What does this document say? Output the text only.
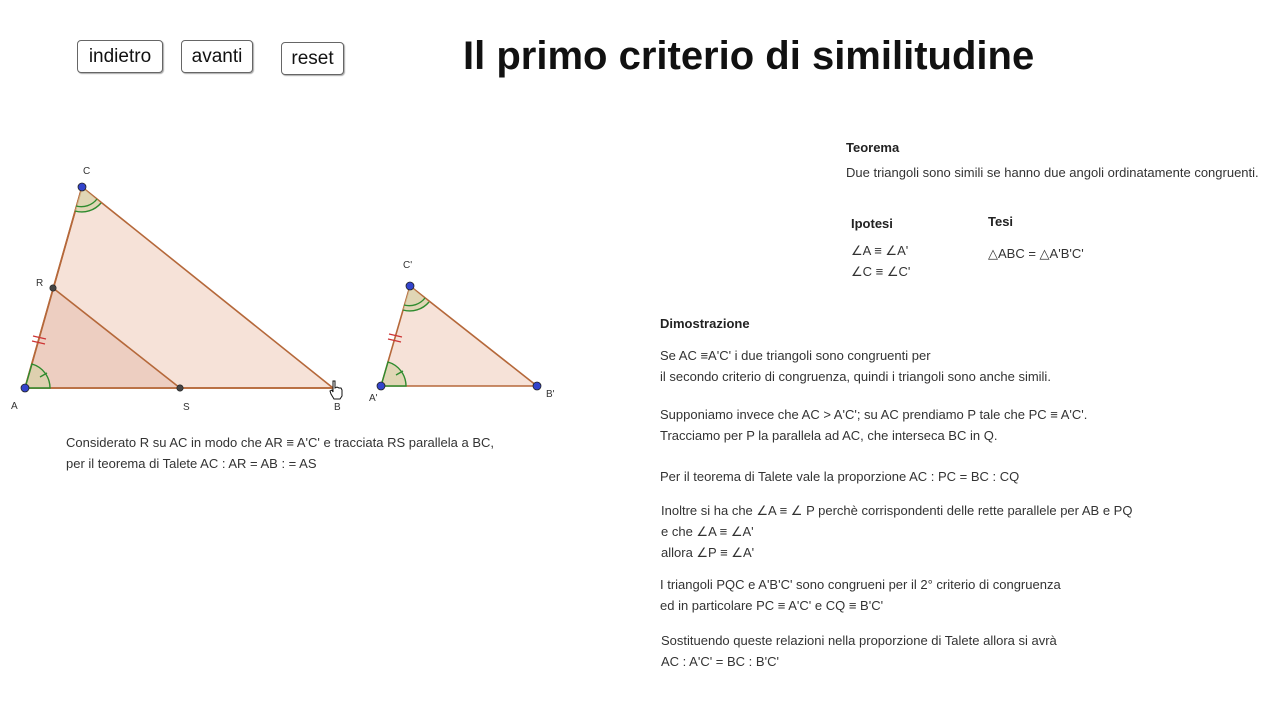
indietro	avanti	reset	Il primo criterio di similitudine
A	B
C
R
S
A'	B'
C'
Considerato R su AC in modo che AR ≡ A'C' e tracciata RS parallela a BC,
per il teorema di Talete AC : AR = AB : = AS
Teorema
Due triangoli sono simili se hanno due angoli ordinatamente congruenti.
Ipotesi
∠A ≡ ∠A'
∠C ≡ ∠C'
Tesi
△ABC = △A'B'C'
Dimostrazione
Se AC ≡A'C' i due triangoli sono congruenti per
il secondo criterio di congruenza, quindi i triangoli sono anche simili.
Supponiamo invece che AC > A'C'; su AC prendiamo P tale che PC ≡ A'C'.
Tracciamo per P la parallela ad AC, che interseca BC in Q.
Per il teorema di Talete vale la proporzione AC : PC = BC : CQ
Inoltre si ha che ∠A ≡ ∠ P perchè corrispondenti delle rette parallele per AB e PQ
e che ∠A ≡ ∠A'
allora ∠P ≡ ∠A'
I triangoli PQC e A'B'C' sono congrueni per il 2° criterio di congruenza
ed in particolare PC ≡ A'C' e CQ ≡ B'C'
Sostituendo queste relazioni nella proporzione di Talete allora si avrà
AC : A'C' = BC : B'C'
